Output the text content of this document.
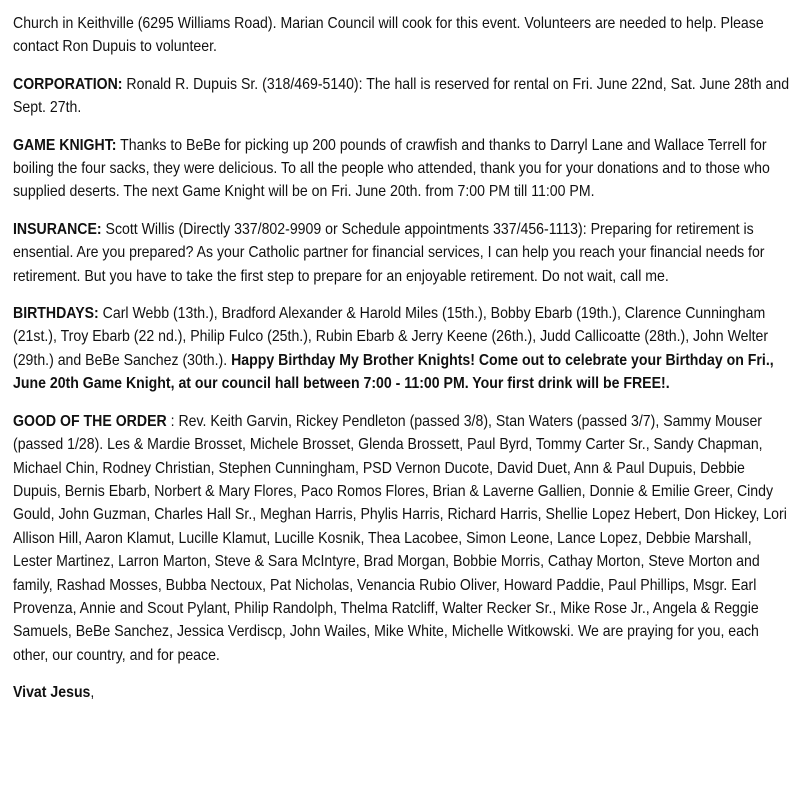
Church in Keithville (6295 Williams Road). Marian Council will cook for this event. Volunteers are needed to help. Please contact Ron Dupuis to volunteer.

CORPORATION: Ronald R. Dupuis Sr. (318/469-5140): The hall is reserved for rental on Fri. June 22nd, Sat. June 28th and Sept. 27th.

GAME KNIGHT: Thanks to BeBe for picking up 200 pounds of crawfish and thanks to Darryl Lane and Wallace Terrell for boiling the four sacks, they were delicious. To all the people who attended, thank you for your donations and to those who supplied deserts. The next Game Knight will be on Fri. June 20th. from 7:00 PM till 11:00 PM.

INSURANCE: Scott Willis (Directly 337/802-9909 or Schedule appointments 337/456-1113): Preparing for retirement is ensential. Are you prepared? As your Catholic partner for financial services, I can help you reach your financial needs for retirement. But you have to take the first step to prepare for an enjoyable retirement. Do not wait, call me.

BIRTHDAYS: Carl Webb (13th.), Bradford Alexander & Harold Miles (15th.), Bobby Ebarb (19th.), Clarence Cunningham (21st.), Troy Ebarb (22 nd.), Philip Fulco (25th.), Rubin Ebarb & Jerry Keene (26th.), Judd Callicoatte (28th.), John Welter (29th.) and BeBe Sanchez (30th.). Happy Birthday My Brother Knights! Come out to celebrate your Birthday on Fri., June 20th Game Knight, at our council hall between 7:00 - 11:00 PM. Your first drink will be FREE!.

GOOD OF THE ORDER : Rev. Keith Garvin, Rickey Pendleton (passed 3/8), Stan Waters (passed 3/7), Sammy Mouser (passed 1/28). Les & Mardie Brosset, Michele Brosset, Glenda Brossett, Paul Byrd, Tommy Carter Sr., Sandy Chapman, Michael Chin, Rodney Christian, Stephen Cunningham, PSD Vernon Ducote, David Duet, Ann & Paul Dupuis, Debbie Dupuis, Bernis Ebarb, Norbert & Mary Flores, Paco Romos Flores, Brian & Laverne Gallien, Donnie & Emilie Greer, Cindy Gould, John Guzman, Charles Hall Sr., Meghan Harris, Phylis Harris, Richard Harris, Shellie Lopez Hebert, Don Hickey, Lori Allison Hill, Aaron Klamut, Lucille Klamut, Lucille Kosnik, Thea Lacobee, Simon Leone, Lance Lopez, Debbie Marshall, Lester Martinez, Larron Marton, Steve & Sara McIntyre, Brad Morgan, Bobbie Morris, Cathay Morton, Steve Morton and family, Rashad Mosses, Bubba Nectoux, Pat Nicholas, Venancia Rubio Oliver, Howard Paddie, Paul Phillips, Msgr. Earl Provenza, Annie and Scout Pylant, Philip Randolph, Thelma Ratcliff, Walter Recker Sr., Mike Rose Jr., Angela & Reggie Samuels, BeBe Sanchez, Jessica Verdiscp, John Wailes, Mike White, Michelle Witkowski. We are praying for you, each other, our country, and for peace.

Vivat Jesus,
